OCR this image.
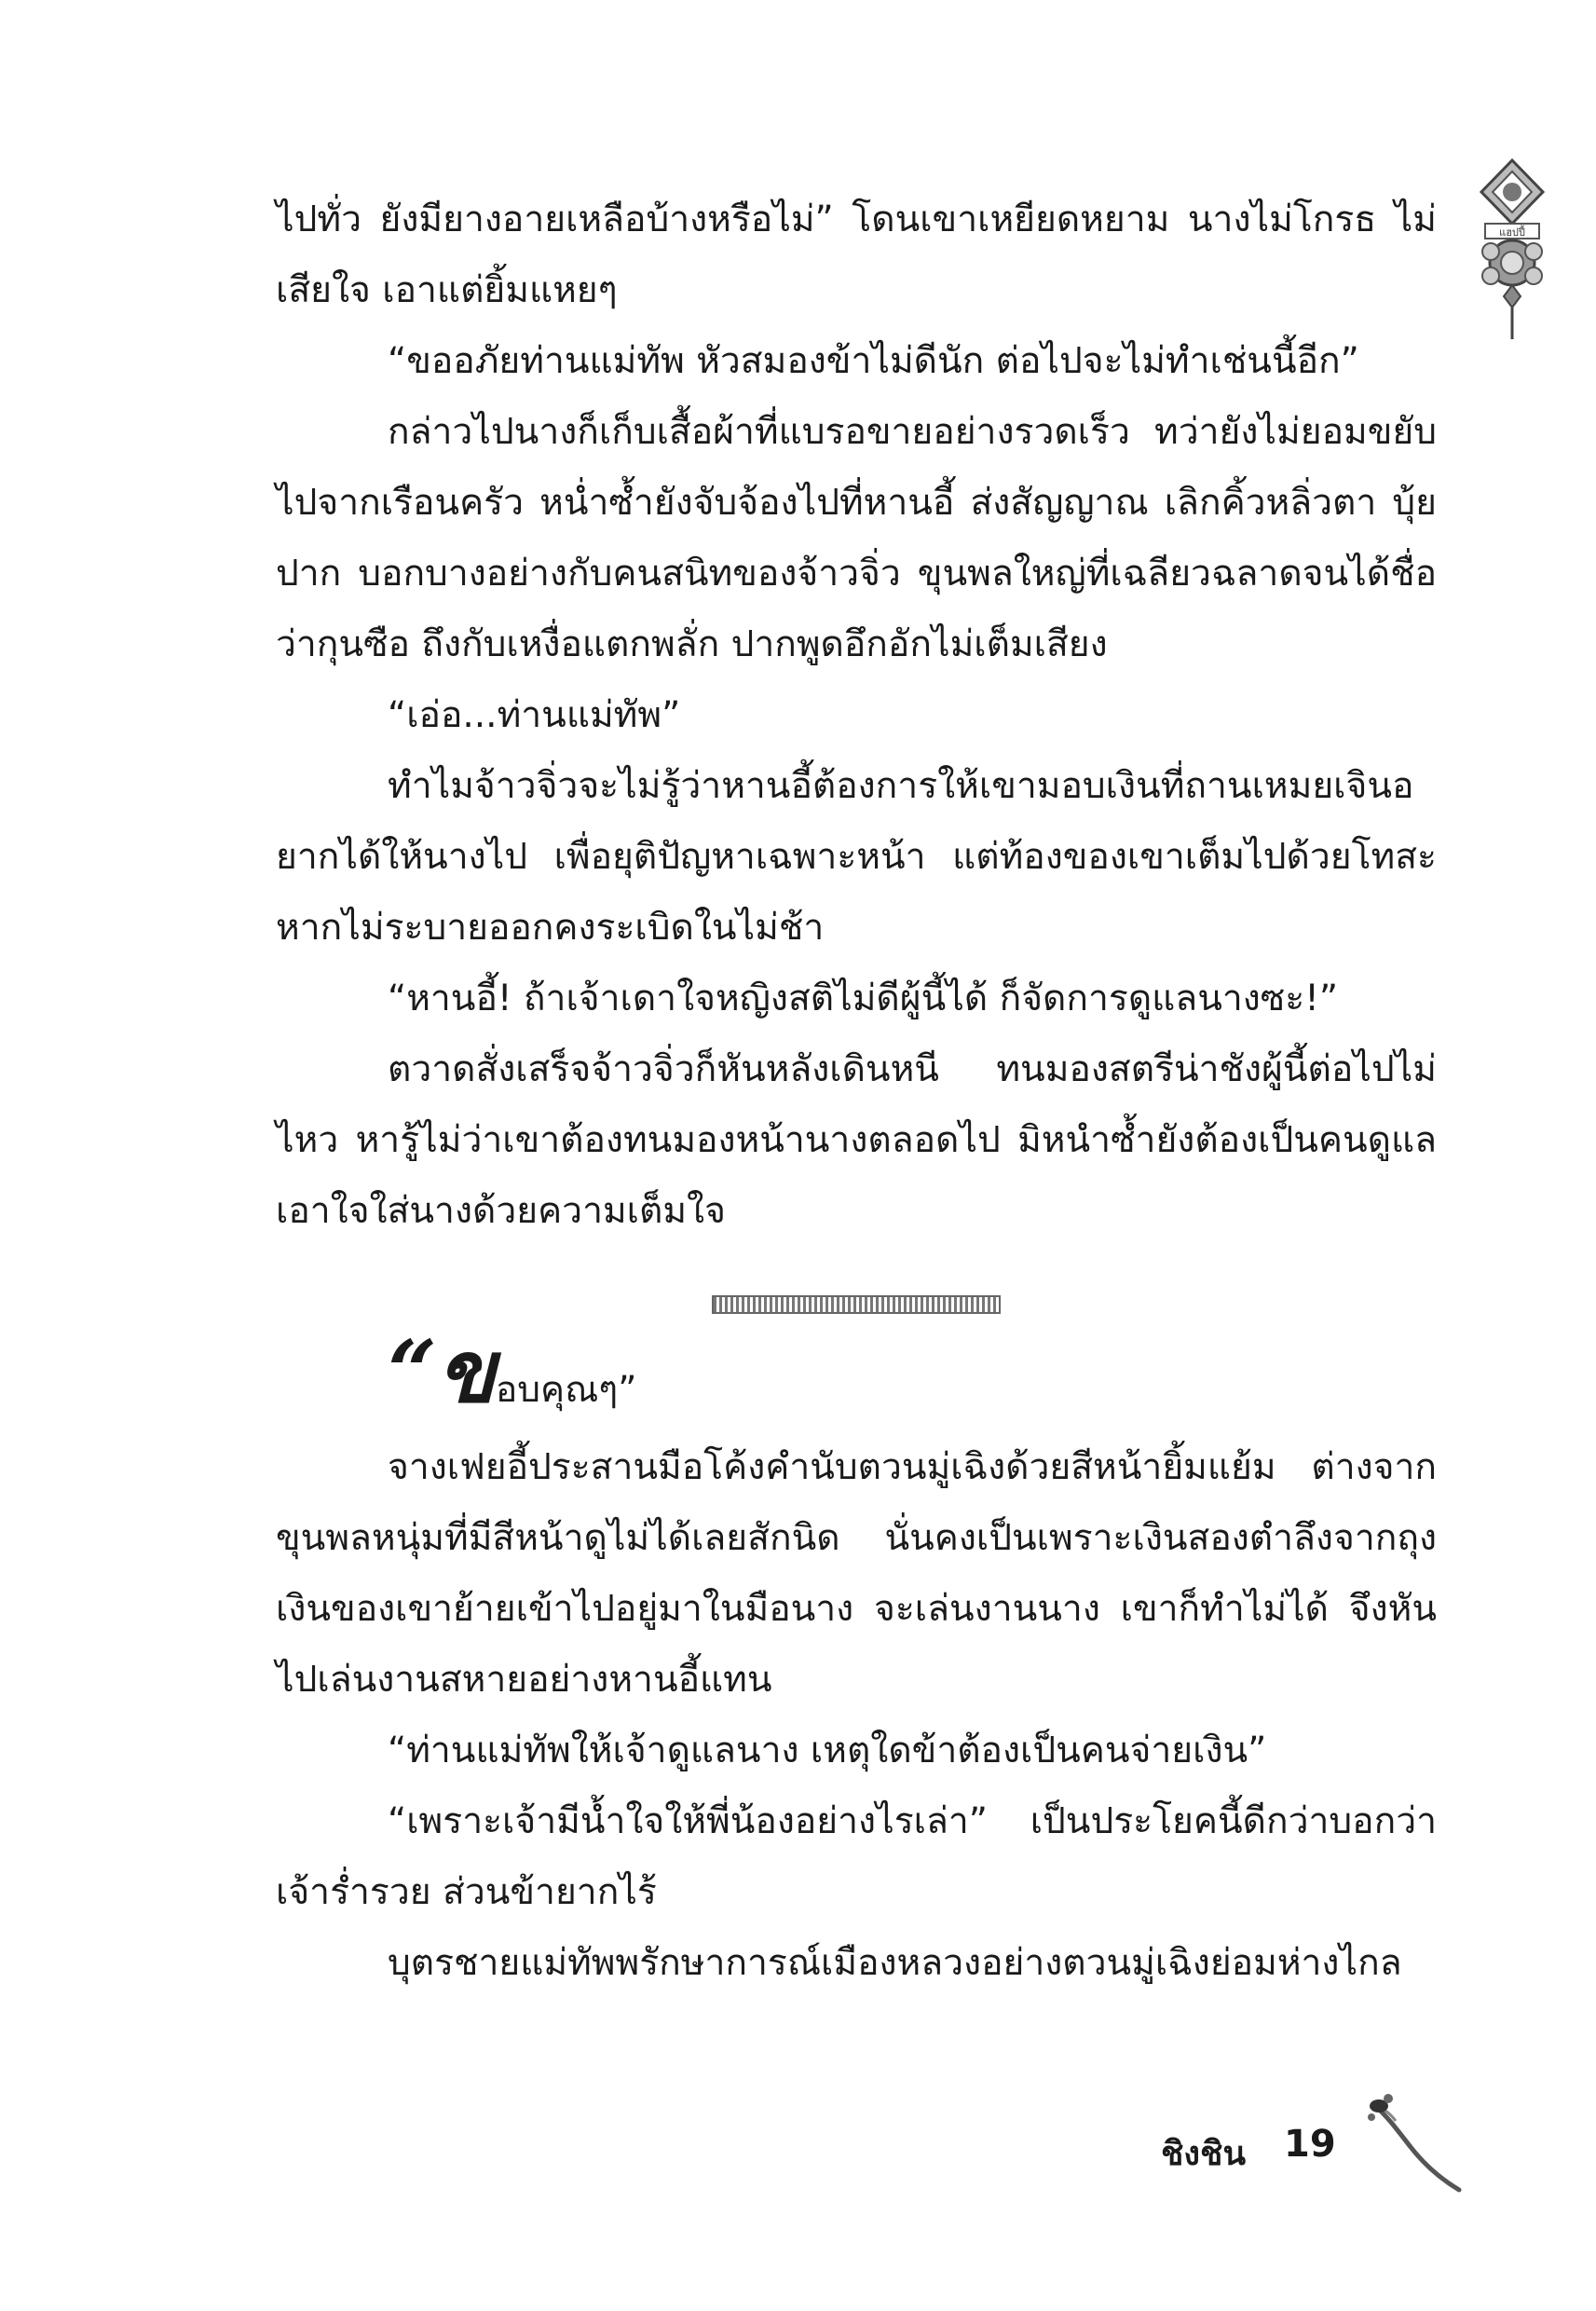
แฮปปี้

ไปทั่ว ยังมียางอายเหลือบ้างหรือไม่” โดนเขาเหยียดหยาม นางไม่โกรธ ไม่เสียใจ เอาแต่ยิ้มแหยๆ

“ขออภัยท่านแม่ทัพ หัวสมองข้าไม่ดีนัก ต่อไปจะไม่ทำเช่นนี้อีก”

กล่าวไปนางก็เก็บเสื้อผ้าที่แบรอขายอย่างรวดเร็ว ทว่ายังไม่ยอมขยับไปจากเรือนครัว หน่ำซ้ำยังจับจ้องไปที่หานอี้ ส่งสัญญาณ เลิกคิ้วหลิ่วตา บุ้ยปาก บอกบางอย่างกับคนสนิทของจ้าวจิ่ว ขุนพลใหญ่ที่เฉลียวฉลาดจนได้ชื่อว่ากุนซือ ถึงกับเหงื่อแตกพลั่ก ปากพูดอึกอักไม่เต็มเสียง

“เอ่อ...ท่านแม่ทัพ”

ทำไมจ้าวจิ่วจะไม่รู้ว่าหานอี้ต้องการให้เขามอบเงินที่ถานเหมยเจินอยากได้ให้นางไป เพื่อยุติปัญหาเฉพาะหน้า แต่ท้องของเขาเต็มไปด้วยโทสะ หากไม่ระบายออกคงระเบิดในไม่ช้า

“หานอี้! ถ้าเจ้าเดาใจหญิงสติไม่ดีผู้นี้ได้ ก็จัดการดูแลนางซะ!”

ตวาดสั่งเสร็จจ้าวจิ่วก็หันหลังเดินหนี ทนมองสตรีน่าชังผู้นี้ต่อไปไม่ไหว หารู้ไม่ว่าเขาต้องทนมองหน้านางตลอดไป มิหนำซ้ำยังต้องเป็นคนดูแลเอาใจใส่นางด้วยความเต็มใจ

“ขอบคุณๆ”

จางเฟยอี้ประสานมือโค้งคำนับตวนมู่เฉิงด้วยสีหน้ายิ้มแย้ม ต่างจากขุนพลหนุ่มที่มีสีหน้าดูไม่ได้เลยสักนิด นั่นคงเป็นเพราะเงินสองตำลึงจากถุงเงินของเขาย้ายเข้าไปอยู่มาในมือนาง จะเล่นงานนาง เขาก็ทำไม่ได้ จึงหันไปเล่นงานสหายอย่างหานอี้แทน

“ท่านแม่ทัพให้เจ้าดูแลนาง เหตุใดข้าต้องเป็นคนจ่ายเงิน”

“เพราะเจ้ามีน้ำใจให้พี่น้องอย่างไรเล่า” เป็นประโยคนี้ดีกว่าบอกว่าเจ้าร่ำรวย ส่วนข้ายากไร้

บุตรชายแม่ทัพพรักษาการณ์เมืองหลวงอย่างตวนมู่เฉิงย่อมห่างไกล

ชิงชิน 19
